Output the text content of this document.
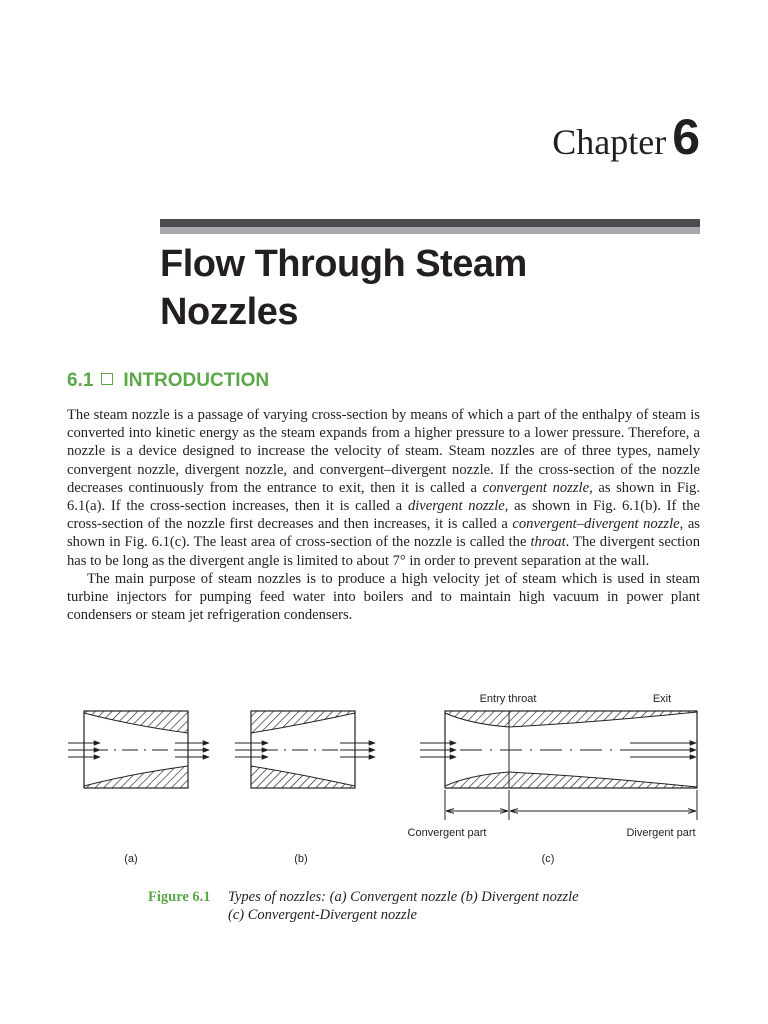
Chapter 6
Flow Through Steam
Nozzles
6.1 INTRODUCTION

The steam nozzle is a passage of varying cross-section by means of which a part of the enthalpy of steam is converted into kinetic energy as the steam expands from a higher pressure to a lower pressure. Therefore, a nozzle is a device designed to increase the velocity of steam. Steam nozzles are of three types, namely convergent nozzle, divergent nozzle, and convergent–divergent nozzle. If the cross-section of the nozzle decreases continuously from the entrance to exit, then it is called a convergent nozzle, as shown in Fig. 6.1(a). If the cross-section increases, then it is called a divergent nozzle, as shown in Fig. 6.1(b). If the cross-section of the nozzle first decreases and then increases, it is called a convergent–divergent nozzle, as shown in Fig. 6.1(c). The least area of cross-section of the nozzle is called the throat. The divergent section has to be long as the divergent angle is limited to about 7° in order to prevent separation at the wall.

The main purpose of steam nozzles is to produce a high velocity jet of steam which is used in steam turbine injectors for pumping feed water into boilers and to maintain high vacuum in power plant condensers or steam jet refrigeration condensers.

Entry throat	Exit
Convergent part	Divergent part
(a)	(b)	(c)
Figure 6.1 Types of nozzles: (a) Convergent nozzle (b) Divergent nozzle
(c) Convergent-Divergent nozzle
